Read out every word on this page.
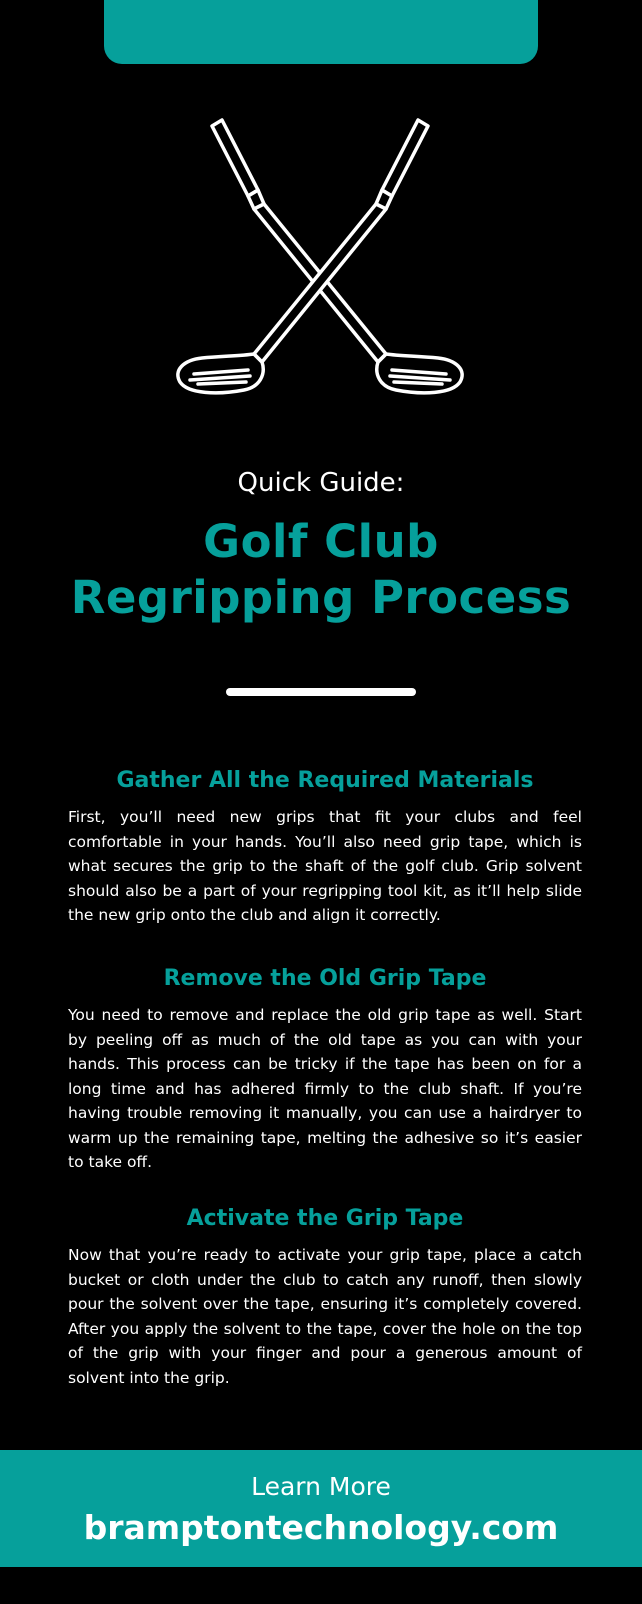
Quick Guide:
Golf Club
Regripping Process
Gather All the Required Materials

First, you’ll need new grips that fit your clubs and feel comfortable in your hands. You’ll also need grip tape, which is what secures the grip to the shaft of the golf club. Grip solvent should also be a part of your regripping tool kit, as it’ll help slide the new grip onto the club and align it correctly.

Remove the Old Grip Tape

You need to remove and replace the old grip tape as well. Start by peeling off as much of the old tape as you can with your hands. This process can be tricky if the tape has been on for a long time and has adhered firmly to the club shaft. If you’re having trouble removing it manually, you can use a hairdryer to warm up the remaining tape, melting the adhesive so it’s easier to take off.

Activate the Grip Tape

Now that you’re ready to activate your grip tape, place a catch bucket or cloth under the club to catch any runoff, then slowly pour the solvent over the tape, ensuring it’s completely covered. After you apply the solvent to the tape, cover the hole on the top of the grip with your finger and pour a generous amount of solvent into the grip.

Learn More
bramptontechnology.com
